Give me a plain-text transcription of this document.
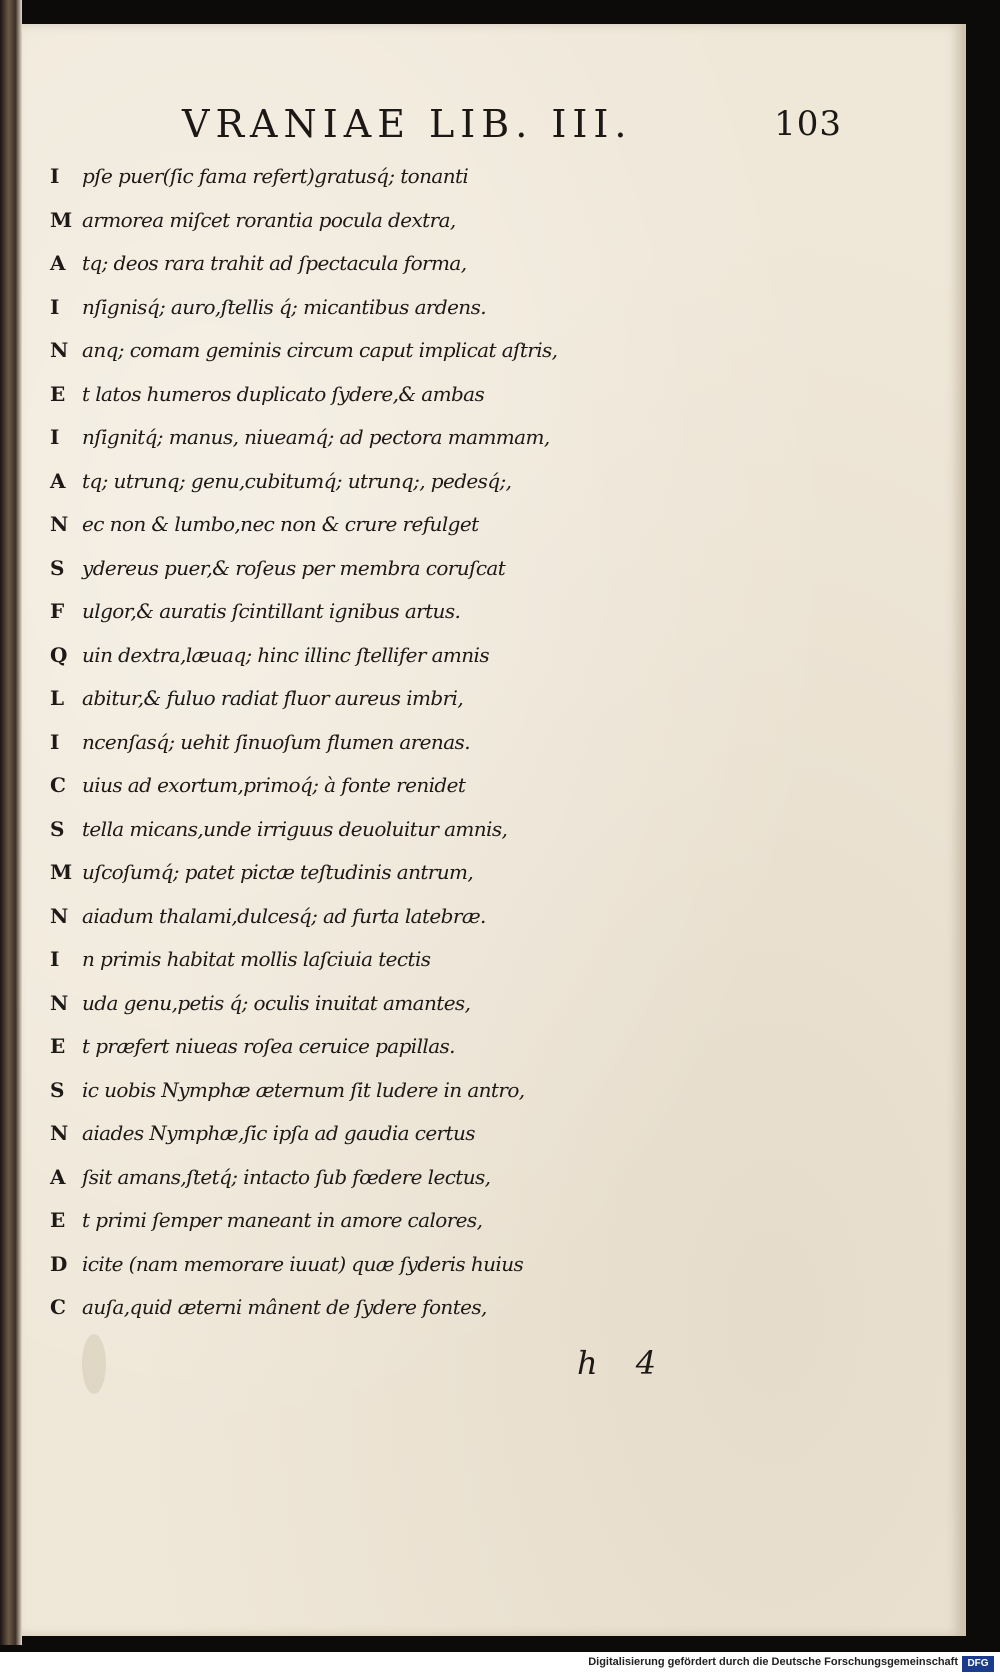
VRANIAE LIB. III.	103
I	pſe puer(ſic fama refert)gratusq́; tonanti
M armorea miſcet rorantia pocula dextra,
A tq; deos rara trahit ad ſpectacula forma,
I	nſignisq́; auro,ſtellis q́; micantibus ardens.
N anq; comam geminis circum caput implicat aſtris,
E t latos humeros duplicato ſydere,& ambas
I	nſignitq́; manus, niueamq́; ad pectora mammam,
A tq; utrunq; genu,cubitumq́; utrunq;, pedesq́;,
N ec non & lumbo,nec non & crure refulget
S ydereus puer,& roſeus per membra coruſcat
F ulgor,& auratis ſcintillant ignibus artus.
Q uin dextra,læuaq; hinc illinc ſtellifer amnis
L abitur,& fuluo radiat fluor aureus imbri,
I	ncenſasq́; uehit ſinuoſum flumen arenas.
C uius ad exortum,primoq́; à fonte renidet
S tella micans,unde irriguus deuoluitur amnis,
M uſcoſumq́; patet pictæ teſtudinis antrum,
N aiadum thalami,dulcesq́; ad furta latebræ.
I	n primis habitat mollis laſciuia tectis
N uda genu,petis q́; oculis inuitat amantes,
E t præfert niueas roſea ceruice papillas.
S ic uobis Nymphæ æternum ſit ludere in antro,
N aiades Nymphæ,ſic ipſa ad gaudia certus
A ſsit amans,ſtetq́; intacto ſub fœdere lectus,
E t primi ſemper maneant in amore calores,
D icite (nam memorare iuuat) quæ ſyderis huius
C auſa,quid æterni mânent de ſydere fontes,
h 4
Digitalisierung gefördert durch die Deutsche Forschungsgemeinschaft DFG
